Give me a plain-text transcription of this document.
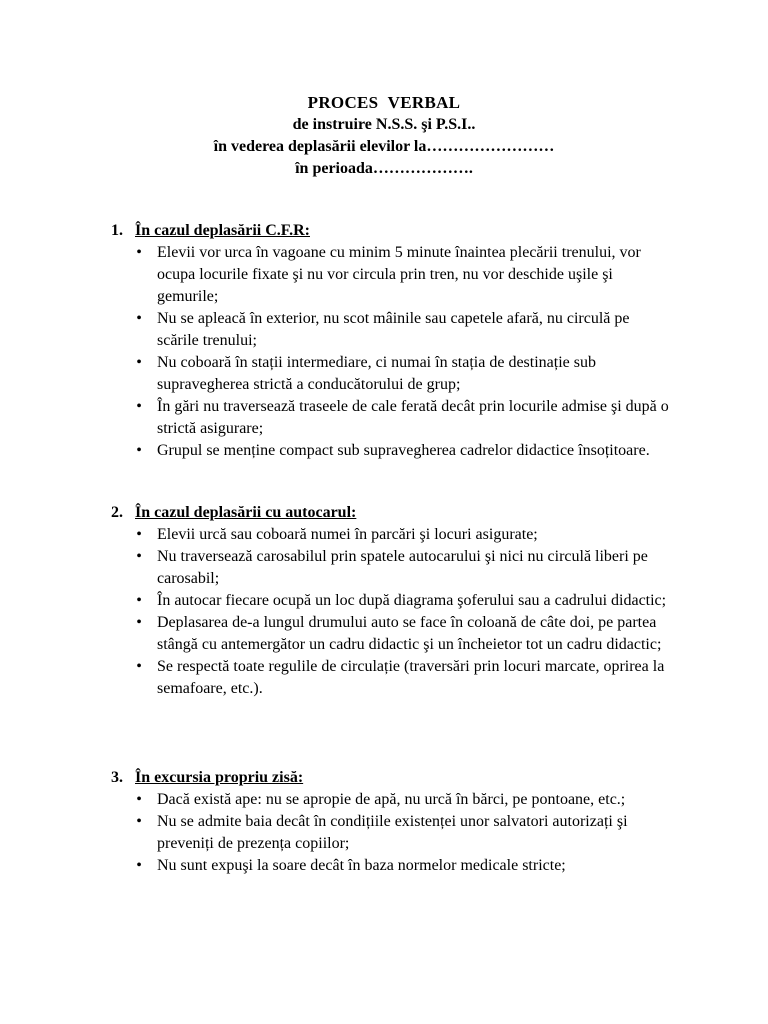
PROCES VERBAL
de instruire N.S.S. şi P.S.I..
în vederea deplasării elevilor la……………………
în perioada……………….
1. În cazul deplasării C.F.R:
• Elevii vor urca în vagoane cu minim 5 minute înaintea plecării trenului, vor ocupa locurile fixate şi nu vor circula prin tren, nu vor deschide uşile şi gemurile;
• Nu se apleacă în exterior, nu scot mâinile sau capetele afară, nu circulă pe scările trenului;
• Nu coboară în stații intermediare, ci numai în stația de destinație sub supravegherea strictă a conducătorului de grup;
• În gări nu traversează traseele de cale ferată decât prin locurile admise şi după o strictă asigurare;
• Grupul se menține compact sub supravegherea cadrelor didactice însoțitoare.
2. În cazul deplasării cu autocarul:
• Elevii urcă sau coboară numei în parcări şi locuri asigurate;
• Nu traversează carosabilul prin spatele autocarului şi nici nu circulă liberi pe carosabil;
• În autocar fiecare ocupă un loc după diagrama şoferului sau a cadrului didactic;
• Deplasarea de-a lungul drumului auto se face în coloană de câte doi, pe partea stângă cu antemergător un cadru didactic şi un încheietor tot un cadru didactic;
• Se respectă toate regulile de circulație (traversări prin locuri marcate, oprirea la semafoare, etc.).
3. În excursia propriu zisă:
• Dacă există ape: nu se apropie de apă, nu urcă în bărci, pe pontoane, etc.;
• Nu se admite baia decât în condițiile existenței unor salvatori autorizați şi preveniți de prezența copiilor;
• Nu sunt expuşi la soare decât în baza normelor medicale stricte;
